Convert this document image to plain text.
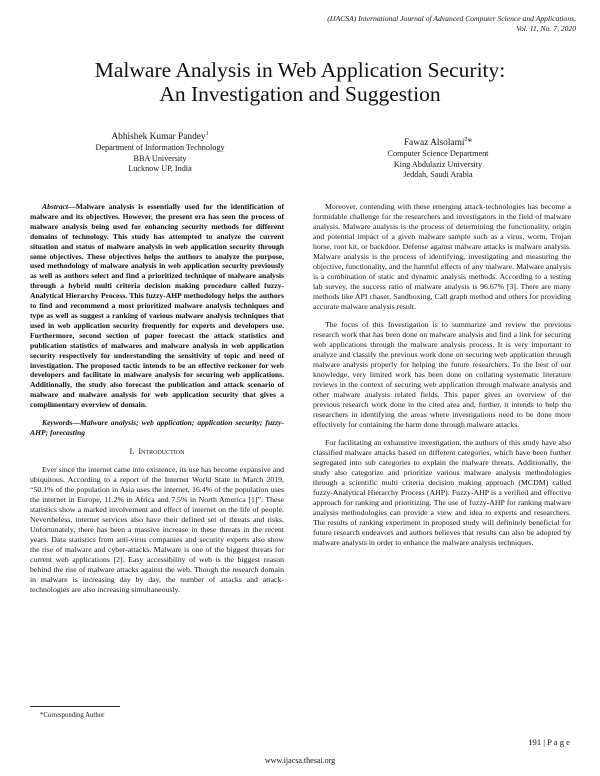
(IJACSA) International Journal of Advanced Computer Science and Applications,
Vol. 11, No. 7, 2020
Malware Analysis in Web Application Security:
An Investigation and Suggestion
Abhishek Kumar Pandey$^1$
Department of Information Technology
BBA University
Lucknow UP, India
Fawaz Alsolami$^2$*
Computer Science Department
King Abdulaziz University
Jeddah, Saudi Arabia

Abstract—Malware analysis is essentially used for the identification of malware and its objectives. However, the present era has seen the process of malware analysis being used for enhancing security methods for different domains of technology. This study has attempted to analyze the current situation and status of malware analysis in web application security through some objectives. These objectives helps the authors to analyze the purpose, used methodology of malware analysis in web application security previously as well as authors select and find a prioritized technique of malware analysis through a hybrid multi criteria decision making procedure called fuzzy-Analytical Hierarchy Process. This fuzzy-AHP methodology helps the authors to find and recommend a most prioritized malware analysis techniques and type as well as suggest a ranking of various malware analysis techniques that used in web application security frequently for experts and developers use. Furthermore, second section of paper forecast the attack statistics and publication statistics of malwares and malware analysis in web application security respectively for understanding the sensitivity of topic and need of investigation. The proposed tactic intends to be an effective reckoner for web developers and facilitate in malware analysis for securing web applications. Additionally, the study also forecast the publication and attack scenario of malware and malware analysis for web application security that gives a complimentary overview of domain.

Keywords—Malware analysis; web application; application security; fuzzy-AHP; forecasting

I. Introduction

Ever since the internet came into existence, its use has become expansive and ubiquitous. According to a report of the Internet World State in March 2019, “50.1% of the population in Asia uses the internet, 16.4% of the population uses the internet in Europe, 11.2% in Africa and 7.5% in North America [1]”. These statistics show a marked involvement and effect of internet on the life of people. Nevertheless, internet services also have their defined set of threats and risks. Unfortunately, there has been a massive increase in these threats in the recent years. Data statistics from anti-virus companies and security experts also show the rise of malware and cyber-attacks. Malware is one of the biggest threats for current web applications [2]. Easy accessibility of web is the biggest reason behind the rise of malware attacks against the web. Though the research domain in malware is increasing day by day, the number of attacks and attack-technologies are also increasing simultaneously.

Moreover, contending with these emerging attack-technologies has become a formidable challenge for the researchers and investigators in the field of malware analysis. Malware analysis is the process of determining the functionality, origin and potential impact of a given malware sample such as a virus, worm, Trojan horse, root kit, or backdoor. Defense against malware attacks is malware analysis. Malware analysis is the process of identifying, investigating and measuring the objective, functionality, and the harmful effects of any malware. Malware analysis is a combination of static and dynamic analysis methods. According to a testing lab survey, the success ratio of malware analysis is 96.67% [3]. There are many methods like API chaser, Sandboxing, Call graph method and others for providing accurate malware analysis result.

The focus of this Investigation is to summarize and review the previous research work that has been done on malware analysis and find a link for securing web applications through the malware analysis process. It is very important to analyze and classify the previous work done on securing web application through malware analysis properly for helping the future researchers. To the best of our knowledge, very limited work has been done on collating systematic literature reviews in the context of securing web application through malware analysis and other malware analysis related fields. This paper gives an overview of the previous research work done in the cited area and, further, it intends to help the researchers in identifying the areas where investigations need to be done more effectively for containing the harm done through malware attacks.

For facilitating an exhaustive investigation, the authors of this study have also classified malware attacks based on different categories, which have been further segregated into sub categories to explain the malware threats. Additionally, the study also categorize and prioritize various malware analysis methodologies through a scientific multi criteria decision making approach (MCDM) called fuzzy-Analytical Hierarchy Process (AHP). Fuzzy-AHP is a verified and effective approach for ranking and prioritizing. The use of fuzzy-AHP for ranking malware analysis methodologies can provide a view and idea to experts and researchers. The results of ranking experiment in proposed study will definitely beneficial for future research endeavors and authors believes that results can also be adopted by malware analysts in order to enhance the malware analysis techniques.

*Corresponding Author
191 | P a g e
www.ijacsa.thesai.org
